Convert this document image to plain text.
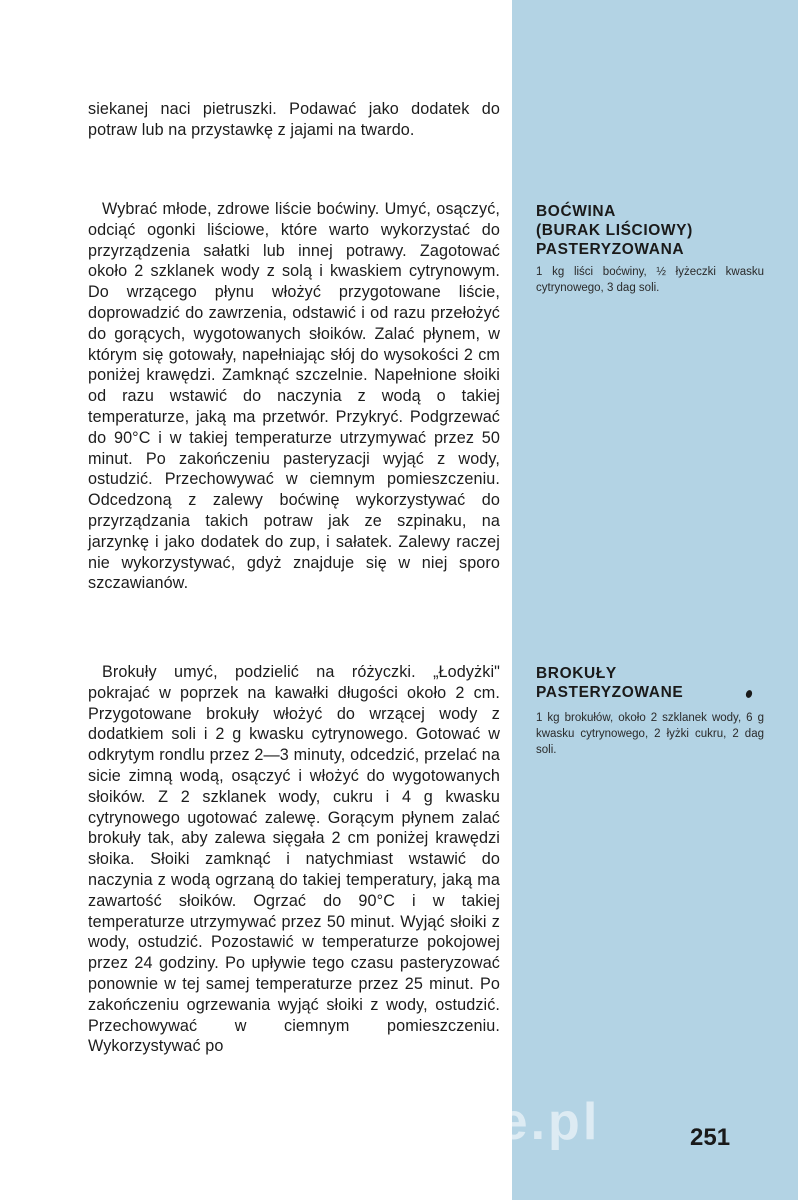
siekanej naci pietruszki. Podawać jako dodatek do potraw lub na przystawkę z jajami na twardo.

Wybrać młode, zdrowe liście boćwiny. Umyć, osączyć, odciąć ogonki liściowe, które warto wykorzystać do przyrządzenia sałatki lub innej potrawy. Zagotować około 2 szklanek wody z solą i kwaskiem cytrynowym. Do wrzącego płynu włożyć przygotowane liście, doprowadzić do zawrzenia, odstawić i od razu przełożyć do gorących, wygotowanych słoików. Zalać płynem, w którym się gotowały, napełniając słój do wysokości 2 cm poniżej krawędzi. Zamknąć szczelnie. Napełnione słoiki od razu wstawić do naczynia z wodą o takiej temperaturze, jaką ma przetwór. Przykryć. Podgrzewać do 90°C i w takiej temperaturze utrzymywać przez 50 minut. Po zakończeniu pasteryzacji wyjąć z wody, ostudzić. Przechowywać w ciemnym pomieszczeniu. Odcedzoną z zalewy boćwinę wykorzystywać do przyrządzania takich potraw jak ze szpinaku, na jarzynkę i jako dodatek do zup, i sałatek. Zalewy raczej nie wykorzystywać, gdyż znajduje się w niej sporo szczawianów.

Brokuły umyć, podzielić na różyczki. „Łodyżki" pokrajać w poprzek na kawałki długości około 2 cm. Przygotowane brokuły włożyć do wrzącej wody z dodatkiem soli i 2 g kwasku cytrynowego. Gotować w odkrytym rondlu przez 2—3 minuty, odcedzić, przelać na sicie zimną wodą, osączyć i włożyć do wygotowanych słoików. Z 2 szklanek wody, cukru i 4 g kwasku cytrynowego ugotować zalewę. Gorącym płynem zalać brokuły tak, aby zalewa sięgała 2 cm poniżej krawędzi słoika. Słoiki zamknąć i natychmiast wstawić do naczynia z wodą ogrzaną do takiej temperatury, jaką ma zawartość słoików. Ogrzać do 90°C i w takiej temperaturze utrzymywać przez 50 minut. Wyjąć słoiki z wody, ostudzić. Pozostawić w temperaturze pokojowej przez 24 godziny. Po upływie tego czasu pasteryzować ponownie w tej samej temperaturze przez 25 minut. Po zakończeniu ogrzewania wyjąć słoiki z wody, ostudzić. Przechowywać w ciemnym pomieszczeniu. Wykorzystywać po

BOĆWINA
(BURAK LIŚCIOWY)
PASTERYZOWANA

1 kg liści boćwiny, ½ łyżeczki kwasku cytrynowego, 3 dag soli.

BROKUŁY
PASTERYZOWANE

1 kg brokułów, około 2 szklanek wody, 6 g kwasku cytrynowego, 2 łyżki cukru, 2 dag soli.

wedlinydomowe.pl	251
